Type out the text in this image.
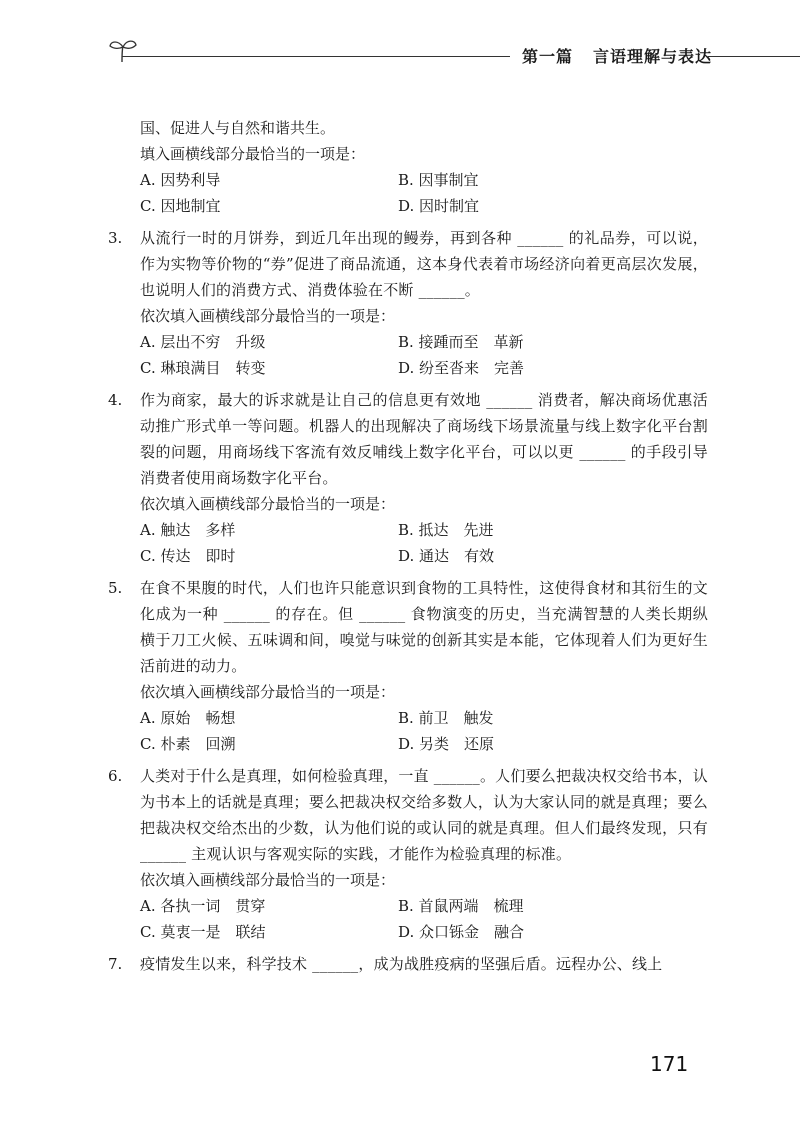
第一篇 言语理解与表达

国、促进人与自然和谐共生。

填入画横线部分最恰当的一项是：

A. 因势利导	B. 因事制宜
C. 因地制宜	D. 因时制宜
3. 从流行一时的月饼券，到近几年出现的鳗券，再到各种 ______ 的礼品券，可以说，作为实物等价物的“券”促进了商品流通，这本身代表着市场经济向着更高层次发展，也说明人们的消费方式、消费体验在不断 ______。

依次填入画横线部分最恰当的一项是：

A. 层出不穷　升级	B. 接踵而至　革新
C. 琳琅满目　转变	D. 纷至沓来　完善
4. 作为商家，最大的诉求就是让自己的信息更有效地 ______ 消费者，解决商场优惠活动推广形式单一等问题。机器人的出现解决了商场线下场景流量与线上数字化平台割裂的问题，用商场线下客流有效反哺线上数字化平台，可以以更 ______ 的手段引导消费者使用商场数字化平台。

依次填入画横线部分最恰当的一项是：

A. 触达　多样	B. 抵达　先进
C. 传达　即时	D. 通达　有效
5. 在食不果腹的时代，人们也许只能意识到食物的工具特性，这使得食材和其衍生的文化成为一种 ______ 的存在。但 ______ 食物演变的历史，当充满智慧的人类长期纵横于刀工火候、五味调和间，嗅觉与味觉的创新其实是本能，它体现着人们为更好生活前进的动力。

依次填入画横线部分最恰当的一项是：

A. 原始　畅想	B. 前卫　触发
C. 朴素　回溯	D. 另类　还原
6. 人类对于什么是真理，如何检验真理，一直 ______。人们要么把裁决权交给书本，认为书本上的话就是真理；要么把裁决权交给多数人，认为大家认同的就是真理；要么把裁决权交给杰出的少数，认为他们说的或认同的就是真理。但人们最终发现，只有 ______ 主观认识与客观实际的实践，才能作为检验真理的标准。

依次填入画横线部分最恰当的一项是：

A. 各执一词　贯穿	B. 首鼠两端　梳理
C. 莫衷一是　联结	D. 众口铄金　融合
7. 疫情发生以来，科学技术 ______，成为战胜疫病的坚强后盾。远程办公、线上
171
